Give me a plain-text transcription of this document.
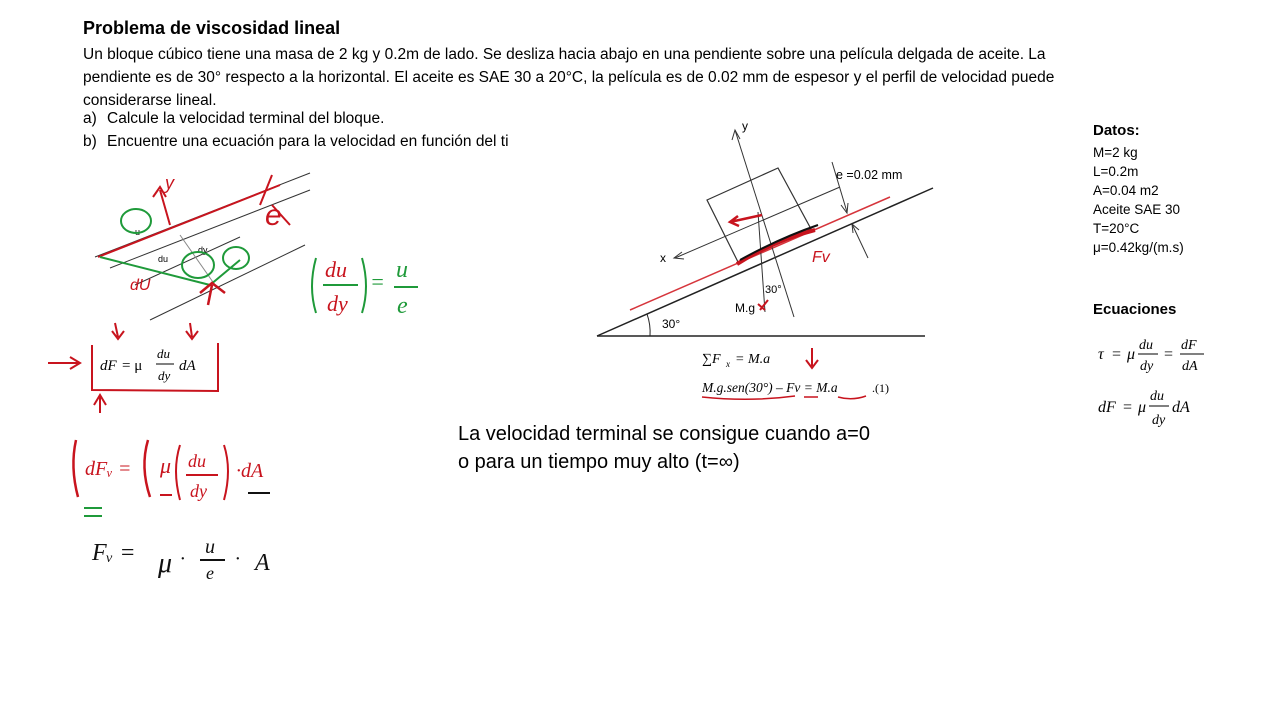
Problema de viscosidad lineal
Un bloque cúbico tiene una masa de 2 kg y 0.2m de lado. Se desliza hacia abajo en una pendiente sobre una película delgada de aceite. La pendiente es de 30° respecto a la horizontal. El aceite es SAE 30 a 20°C, la película es de 0.02 mm de espesor y el perfil de velocidad puede considerarse lineal.
a) Calcule la velocidad terminal del bloque.
b) Encuentre una ecuación para la velocidad en función del ti
Datos:
M=2 kg
L=0.2m
A=0.04 m2
Aceite SAE 30
T=20°C
μ=0.42kg/(m.s)
Ecuaciones
τ = μ
du
dy
=
dF
dA
dF = μ
du
dy
dA
30°
x
y
M.g
30°
e =0.02 mm
Fv
∑F x = M.a
M.g.sen(30°) – Fv = M.a	.(1)
du
dy
u
y
e
dU
du
dy
= u
e
dF = μ
du
dy
dA
dFᵥ = μ du
dy
·dA
Fᵥ = μ ·
u
e
· A
La velocidad terminal se consigue cuando a=0
o para un tiempo muy alto (t=∞)
